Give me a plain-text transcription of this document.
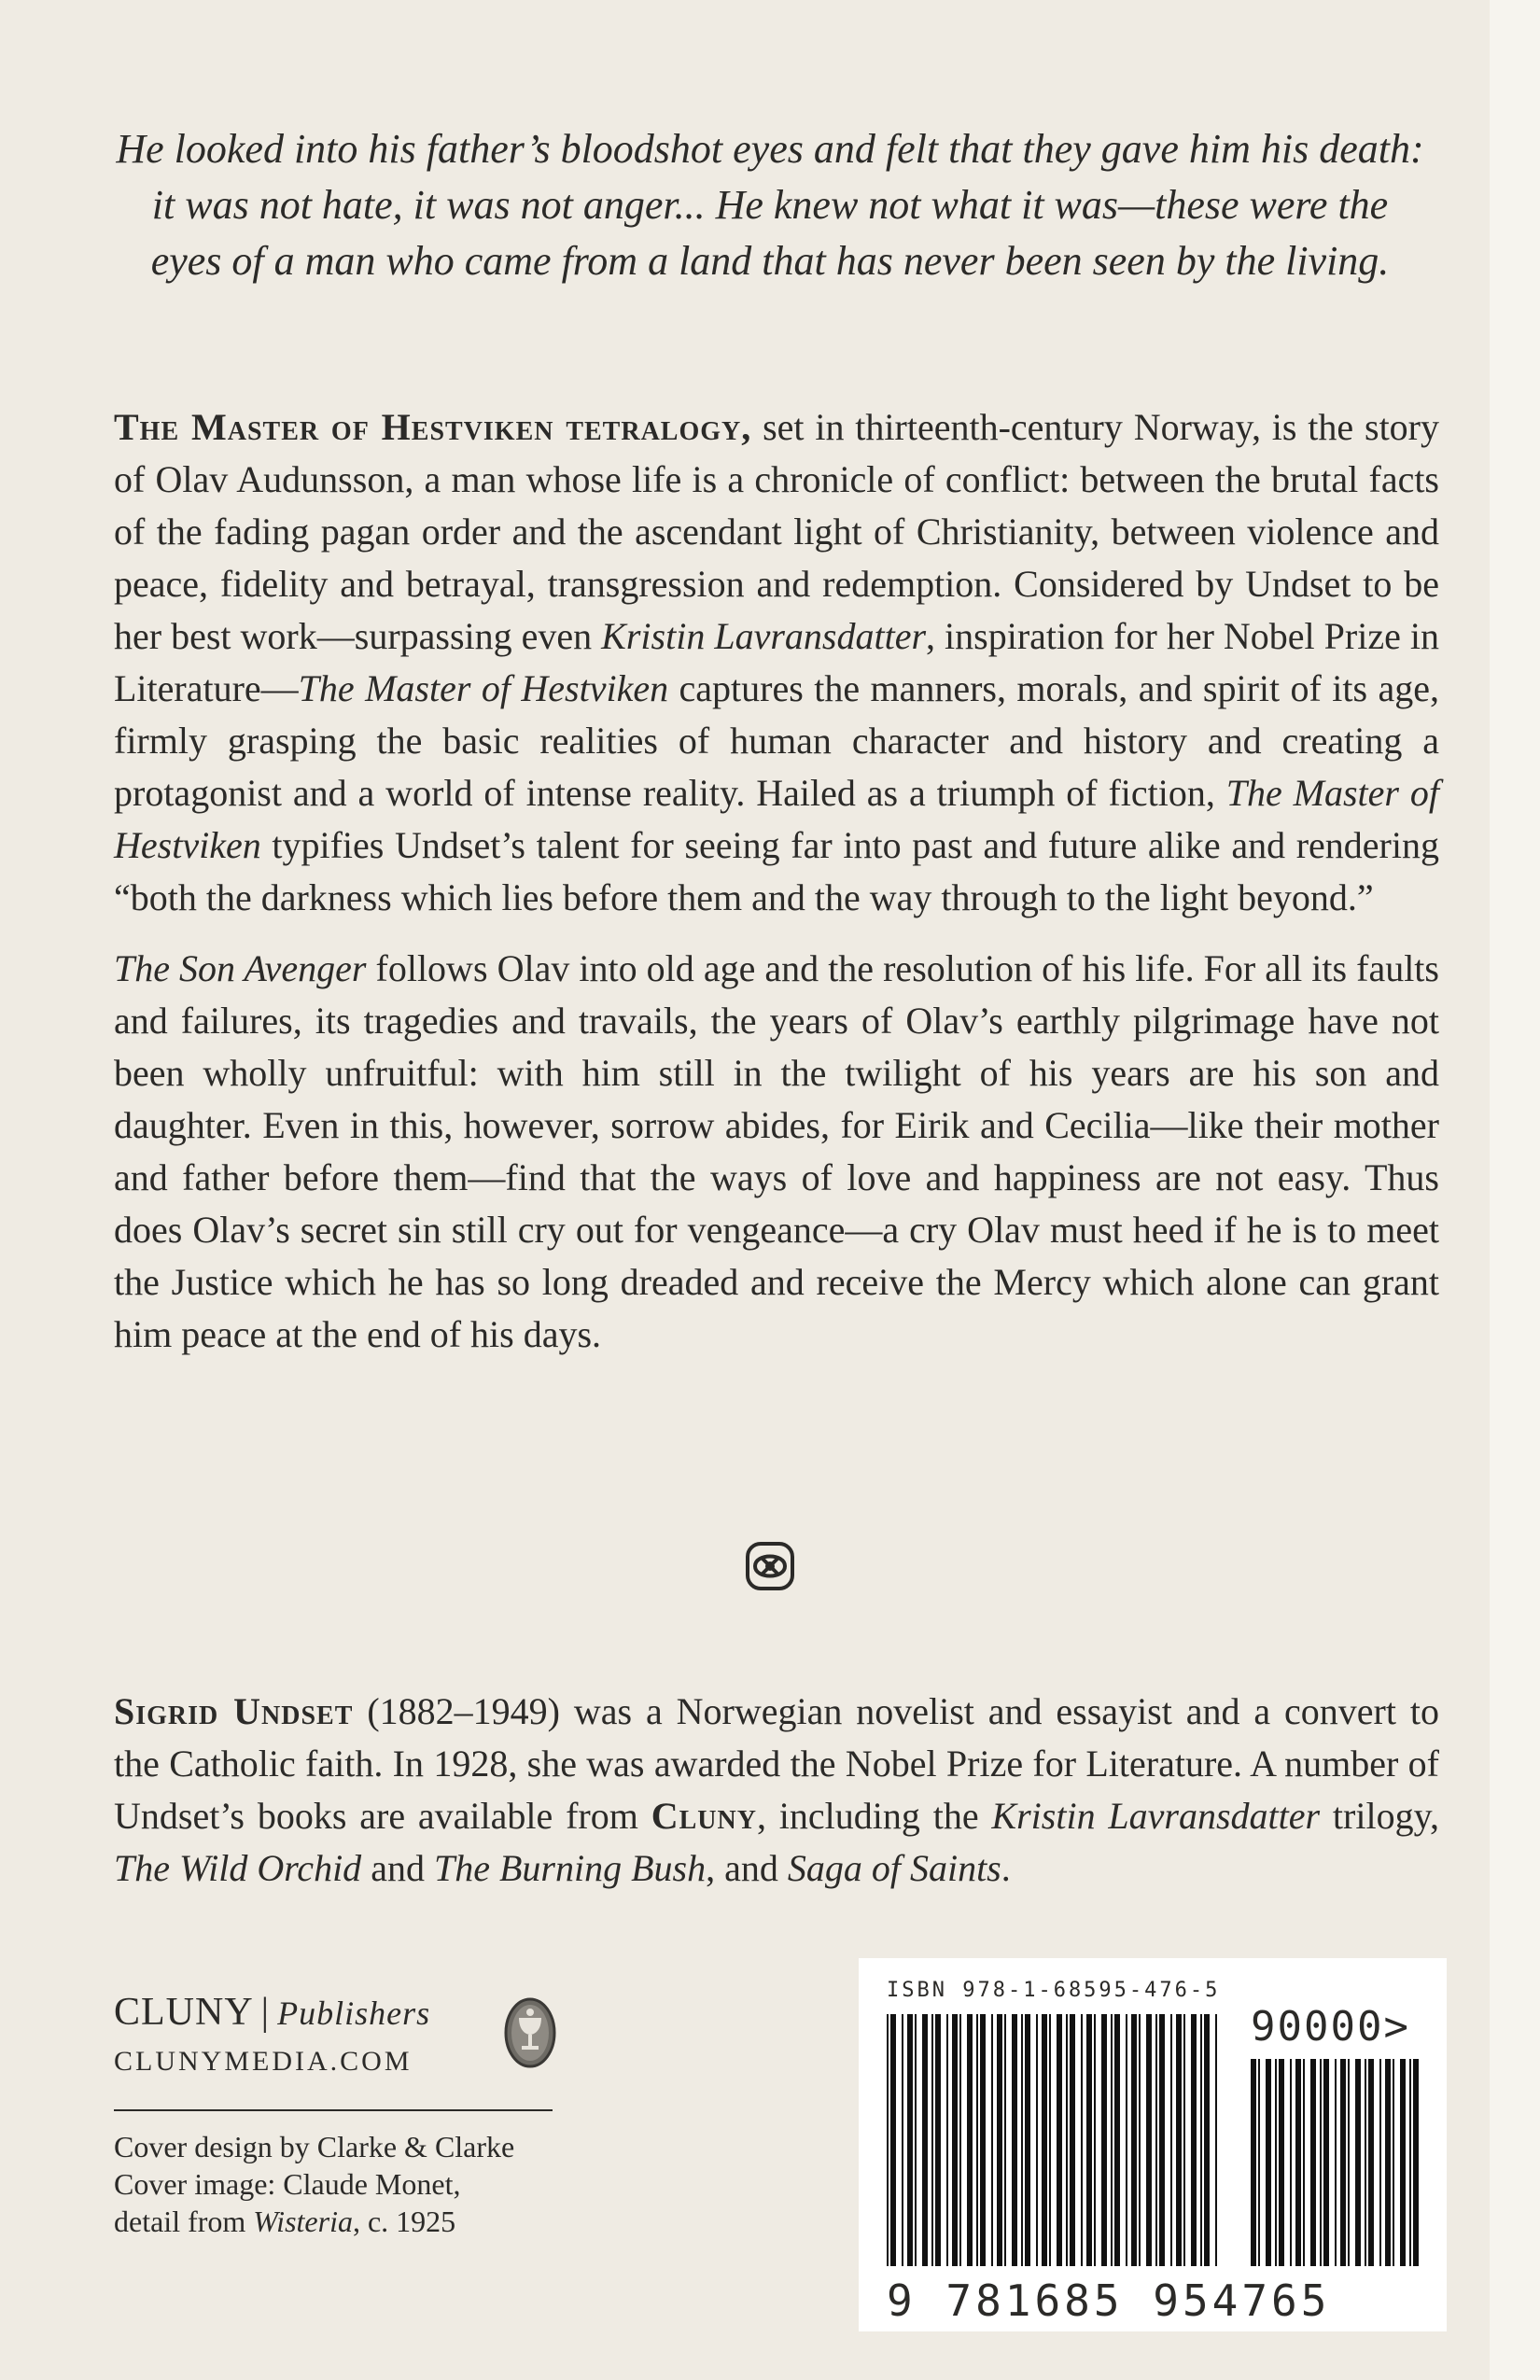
He looked into his father’s bloodshot eyes and felt that they gave him his death:

it was not hate, it was not anger... He knew not what it was—these were the

eyes of a man who came from a land that has never been seen by the living.

The Master of Hestviken tetralogy, set in thirteenth-century Norway, is the story of Olav Audunsson, a man whose life is a chronicle of conflict: between the brutal facts of the fading pagan order and the ascendant light of Christianity, between violence and peace, fidelity and betrayal, transgression and redemption. Considered by Undset to be her best work—surpassing even Kristin Lavransdatter, inspiration for her Nobel Prize in Literature—The Master of Hestviken captures the manners, morals, and spirit of its age, firmly grasping the basic realities of human character and history and creating a protagonist and a world of intense reality. Hailed as a triumph of fiction, The Master of Hestviken typifies Undset’s talent for seeing far into past and future alike and rendering “both the darkness which lies before them and the way through to the light beyond.”

The Son Avenger follows Olav into old age and the resolution of his life. For all its faults and failures, its tragedies and travails, the years of Olav’s earthly pilgrimage have not been wholly unfruitful: with him still in the twilight of his years are his son and daughter. Even in this, however, sorrow abides, for Eirik and Cecilia—like their mother and father before them—find that the ways of love and happiness are not easy. Thus does Olav’s secret sin still cry out for vengeance—a cry Olav must heed if he is to meet the Justice which he has so long dreaded and receive the Mercy which alone can grant him peace at the end of his days.

Sigrid Undset (1882–1949) was a Norwegian novelist and essayist and a convert to the Catholic faith. In 1928, she was awarded the Nobel Prize for Literature. A number of Undset’s books are available from Cluny, including the Kristin Lavransdatter trilogy, The Wild Orchid and The Burning Bush, and Saga of Saints.

CLUNY | Publishers
CLUNYMEDIA.COM
Cover design by Clarke & Clarke
Cover image: Claude Monet,
detail from Wisteria, c. 1925
ISBN 978-1-68595-476-5
90000>
9 781685 954765
